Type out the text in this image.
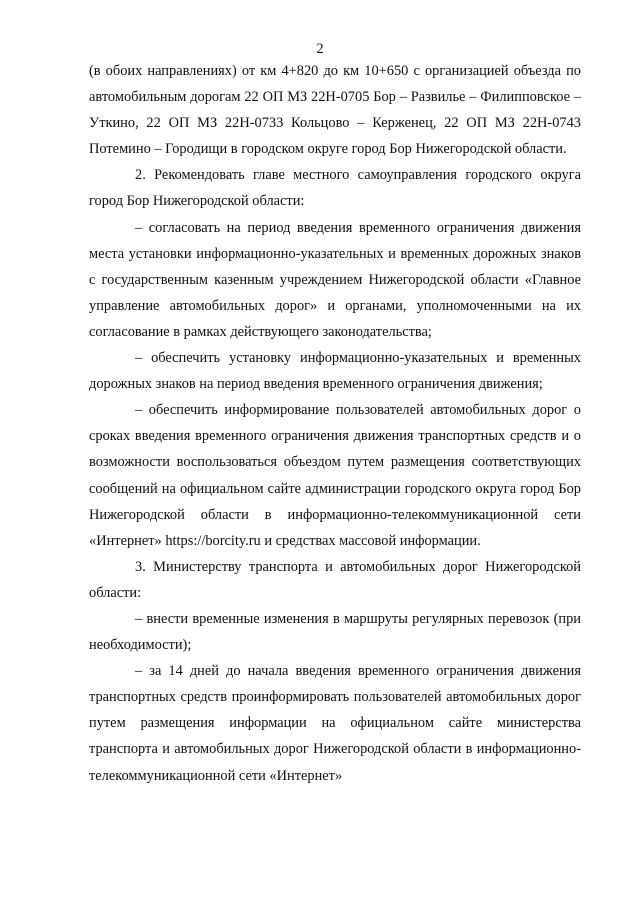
2

(в обоих направлениях) от км 4+820 до км 10+650 с организацией объезда по автомобильным дорогам 22 ОП МЗ 22Н-0705 Бор – Развилье – Филипповское – Уткино, 22 ОП МЗ 22Н-0733 Кольцово – Керженец, 22 ОП МЗ 22Н-0743 Потемино – Городищи в городском округе город Бор Нижегородской области.

2. Рекомендовать главе местного самоуправления городского округа город Бор Нижегородской области:

– согласовать на период введения временного ограничения движения места установки информационно-указательных и временных дорожных знаков с государственным казенным учреждением Нижегородской области «Главное управление автомобильных дорог» и органами, уполномоченными на их согласование в рамках действующего законодательства;

– обеспечить установку информационно-указательных и временных дорожных знаков на период введения временного ограничения движения;

– обеспечить информирование пользователей автомобильных дорог о сроках введения временного ограничения движения транспортных средств и о возможности воспользоваться объездом путем размещения соответствующих сообщений на официальном сайте администрации городского округа город Бор Нижегородской области в информационно-телекоммуникационной сети «Интернет» https://borcity.ru и средствах массовой информации.

3. Министерству транспорта и автомобильных дорог Нижегородской области:

– внести временные изменения в маршруты регулярных перевозок (при необходимости);

– за 14 дней до начала введения временного ограничения движения транспортных средств проинформировать пользователей автомобильных дорог путем размещения информации на официальном сайте министерства транспорта и автомобильных дорог Нижегородской области в информационно-телекоммуникационной сети «Интернет»
